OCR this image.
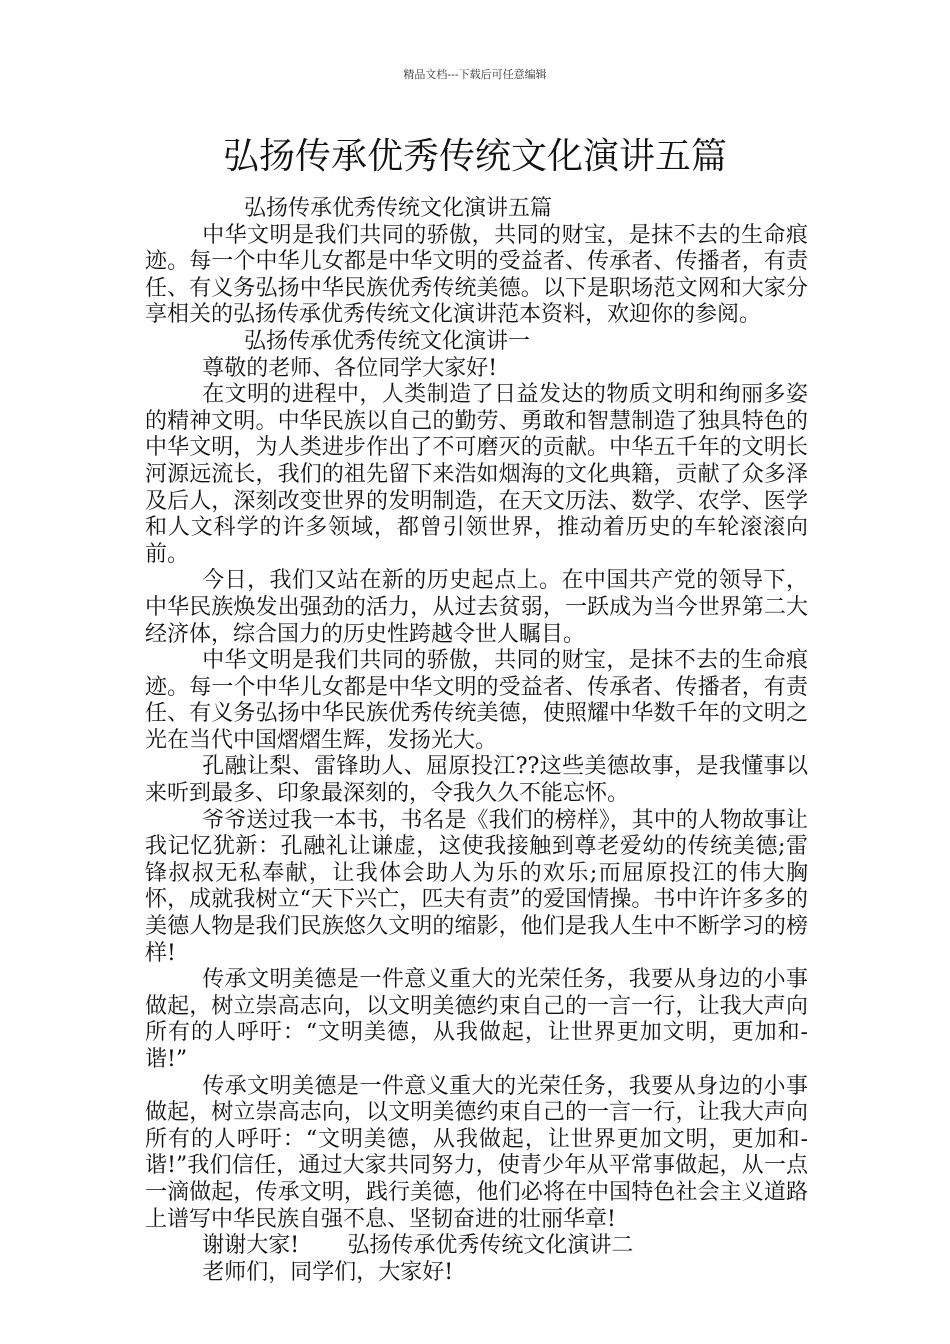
精品文档---下载后可任意编辑
弘扬传承优秀传统文化演讲五篇

弘扬传承优秀传统文化演讲五篇

中华文明是我们共同的骄傲，共同的财宝，是抹不去的生命痕迹。每一个中华儿女都是中华文明的受益者、传承者、传播者，有责任、有义务弘扬中华民族优秀传统美德。以下是职场范文网和大家分享相关的弘扬传承优秀传统文化演讲范本资料，欢迎你的参阅。

弘扬传承优秀传统文化演讲一

尊敬的老师、各位同学大家好!

在文明的进程中，人类制造了日益发达的物质文明和绚丽多姿的精神文明。中华民族以自己的勤劳、勇敢和智慧制造了独具特色的中华文明，为人类进步作出了不可磨灭的贡献。中华五千年的文明长河源远流长，我们的祖先留下来浩如烟海的文化典籍，贡献了众多泽及后人，深刻改变世界的发明制造，在天文历法、数学、农学、医学和人文科学的许多领域，都曾引领世界，推动着历史的车轮滚滚向前。

今日，我们又站在新的历史起点上。在中国共产党的领导下，中华民族焕发出强劲的活力，从过去贫弱，一跃成为当今世界第二大经济体，综合国力的历史性跨越令世人瞩目。

中华文明是我们共同的骄傲，共同的财宝，是抹不去的生命痕迹。每一个中华儿女都是中华文明的受益者、传承者、传播者，有责任、有义务弘扬中华民族优秀传统美德，使照耀中华数千年的文明之光在当代中国熠熠生辉，发扬光大。

孔融让梨、雷锋助人、屈原投江??这些美德故事，是我懂事以来听到最多、印象最深刻的，令我久久不能忘怀。

爷爷送过我一本书，书名是《我们的榜样》，其中的人物故事让我记忆犹新：孔融礼让谦虚，这使我接触到尊老爱幼的传统美德;雷锋叔叔无私奉献，让我体会助人为乐的欢乐;而屈原投江的伟大胸怀，成就我树立“天下兴亡，匹夫有责”的爱国情操。书中许许多多的美德人物是我们民族悠久文明的缩影，他们是我人生中不断学习的榜样!

传承文明美德是一件意义重大的光荣任务，我要从身边的小事做起，树立崇高志向，以文明美德约束自己的一言一行，让我大声向所有的人呼吁：“文明美德，从我做起，让世界更加文明，更加和-谐!”

传承文明美德是一件意义重大的光荣任务，我要从身边的小事做起，树立崇高志向，以文明美德约束自己的一言一行，让我大声向所有的人呼吁：“文明美德，从我做起，让世界更加文明，更加和-谐!”我们信任，通过大家共同努力，使青少年从平常事做起，从一点一滴做起，传承文明，践行美德，他们必将在中国特色社会主义道路上谱写中华民族自强不息、坚韧奋进的壮丽华章!

谢谢大家! 弘扬传承优秀传统文化演讲二

老师们，同学们，大家好!
